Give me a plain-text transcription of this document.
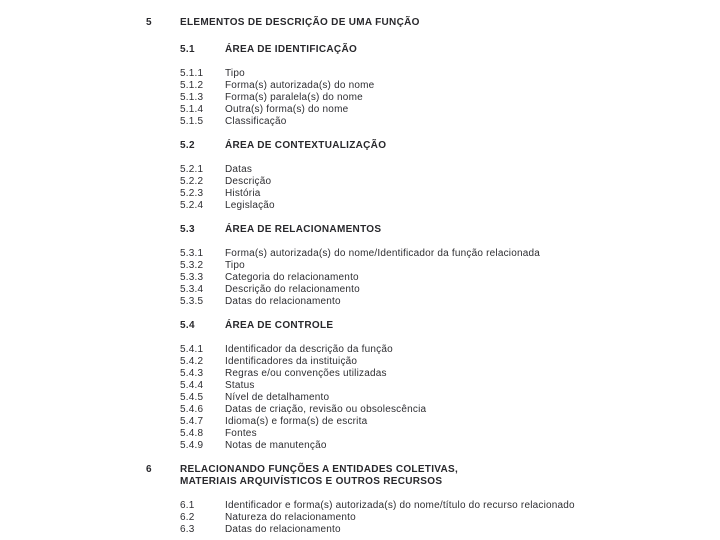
5	ELEMENTOS DE DESCRIÇÃO DE UMA FUNÇÃO
5.1	ÁREA DE IDENTIFICAÇÃO
5.1.1	Tipo
5.1.2	Forma(s) autorizada(s) do nome
5.1.3	Forma(s) paralela(s) do nome
5.1.4	Outra(s) forma(s) do nome
5.1.5	Classificação
5.2	ÁREA DE CONTEXTUALIZAÇÃO
5.2.1	Datas
5.2.2	Descrição
5.2.3	História
5.2.4	Legislação
5.3	ÁREA DE RELACIONAMENTOS
5.3.1	Forma(s) autorizada(s) do nome/Identificador da função relacionada
5.3.2	Tipo
5.3.3	Categoria do relacionamento
5.3.4	Descrição do relacionamento
5.3.5	Datas do relacionamento
5.4	ÁREA DE CONTROLE
5.4.1	Identificador da descrição da função
5.4.2	Identificadores da instituição
5.4.3	Regras e/ou convenções utilizadas
5.4.4	Status
5.4.5	Nível de detalhamento
5.4.6	Datas de criação, revisão ou obsolescência
5.4.7	Idioma(s) e forma(s) de escrita
5.4.8	Fontes
5.4.9	Notas de manutenção
6	RELACIONANDO FUNÇÕES A ENTIDADES COLETIVAS,
MATERIAIS ARQUIVÍSTICOS E OUTROS RECURSOS
6.1	Identificador e forma(s) autorizada(s) do nome/título do recurso relacionado
6.2	Natureza do relacionamento
6.3	Datas do relacionamento
